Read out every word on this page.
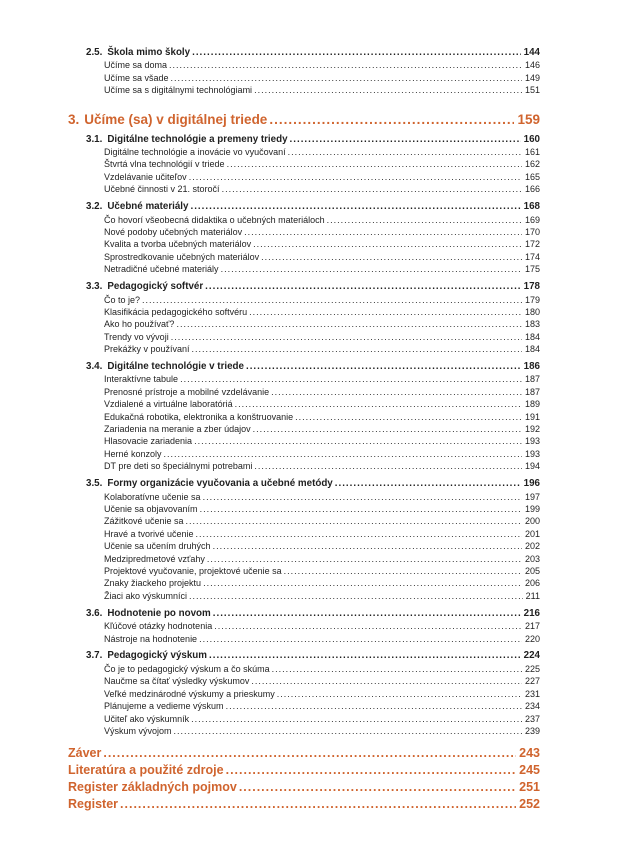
2.5. Škola mimo školy .....	144
Učíme sa doma .....	146
Učíme sa všade .....	149
Učíme sa s digitálnymi technológiami .....	151
3. Učíme (sa) v digitálnej triede .....	159
3.1. Digitálne technológie a premeny triedy .....	160
Digitálne technológie a inovácie vo vyučovaní .....	161
Štvrtá vlna technológií v triede .....	162
Vzdelávanie učiteľov .....	165
Učebné činnosti v 21. storočí .....	166
3.2. Učebné materiály .....	168
Čo hovorí všeobecná didaktika o učebných materiáloch .....	169
Nové podoby učebných materiálov .....	170
Kvalita a tvorba učebných materiálov .....	172
Sprostredkovanie učebných materiálov .....	174
Netradičné učebné materiály .....	175
3.3. Pedagogický softvér .....	178
Čo to je? .....	179
Klasifikácia pedagogického softvéru .....	180
Ako ho používať? .....	183
Trendy vo vývoji .....	184
Prekážky v používaní .....	184
3.4. Digitálne technológie v triede .....	186
Interaktívne tabule .....	187
Prenosné prístroje a mobilné vzdelávanie .....	187
Vzdialené a virtuálne laboratóriá .....	189
Edukačná robotika, elektronika a konštruovanie .....	191
Zariadenia na meranie a zber údajov .....	192
Hlasovacie zariadenia .....	193
Herné konzoly .....	193
DT pre deti so špeciálnymi potrebami .....	194
3.5. Formy organizácie vyučovania a učebné metódy .....	196
Kolaboratívne učenie sa .....	197
Učenie sa objavovaním .....	199
Zážitkové učenie sa .....	200
Hravé a tvorivé učenie .....	201
Učenie sa učením druhých .....	202
Medzipredmetové vzťahy .....	203
Projektové vyučovanie, projektové učenie sa .....	205
Znaky žiackeho projektu .....	206
Žiaci ako výskumníci .....	211
3.6. Hodnotenie po novom .....	216
Kľúčové otázky hodnotenia .....	217
Nástroje na hodnotenie .....	220
3.7. Pedagogický výskum .....	224
Čo je to pedagogický výskum a čo skúma .....	225
Naučme sa čítať výsledky výskumov .....	227
Veľké medzinárodné výskumy a prieskumy .....	231
Plánujeme a vedieme výskum .....	234
Učiteľ ako výskumník .....	237
Výskum vývojom .....	239
Záver .....	243
Literatúra a použité zdroje .....	245
Register základných pojmov .....	251
Register .....	252
